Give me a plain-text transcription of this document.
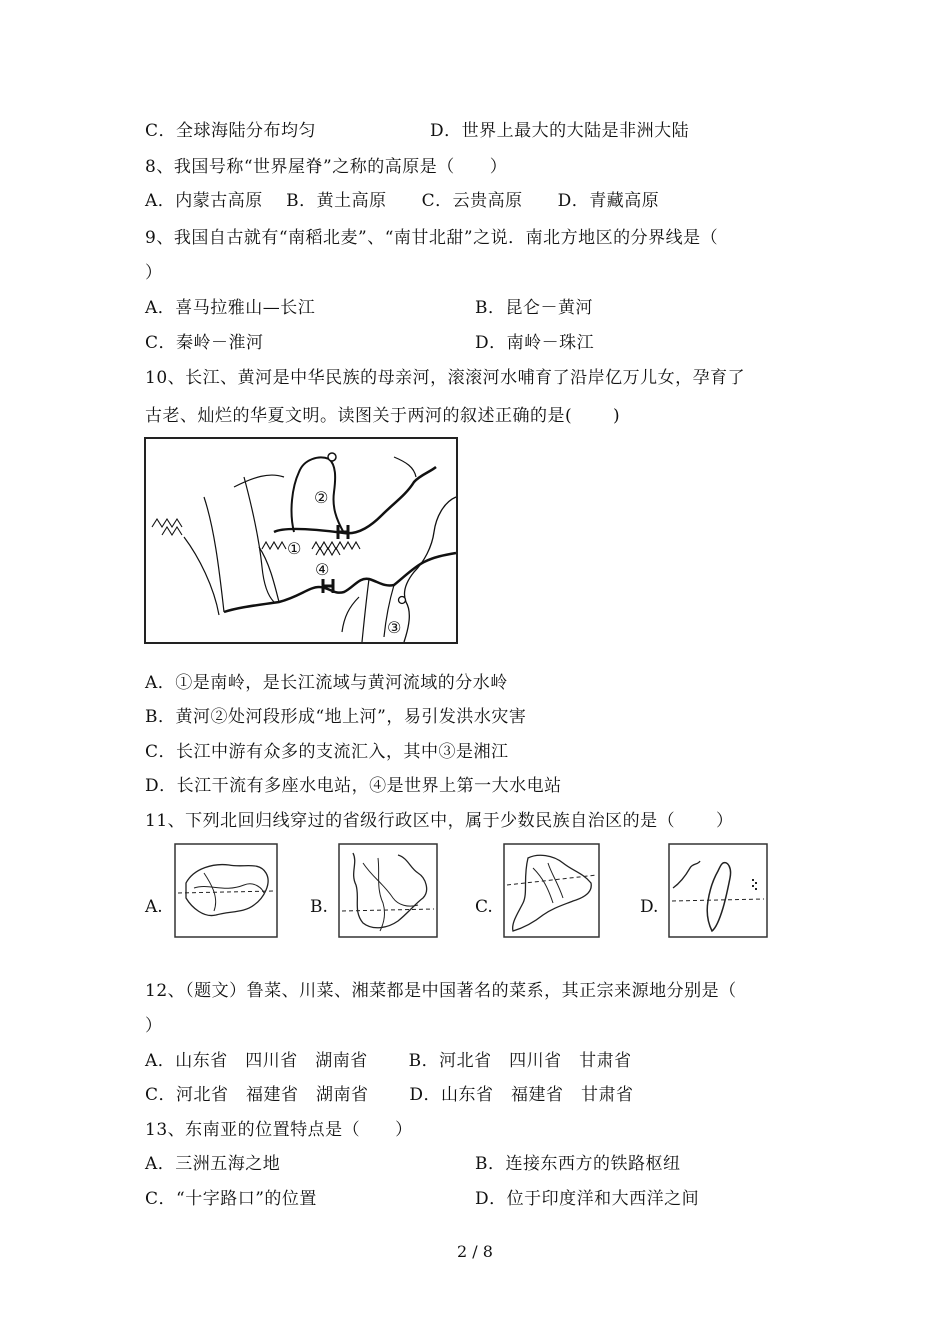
C．全球海陆分布均匀	D．世界上最大的大陆是非洲大陆
8、我国号称“世界屋脊”之称的高原是（　　）
A．内蒙古高原　 B．黄土高原　　C．云贵高原　　D．青藏高原
9、我国自古就有“南稻北麦”、“南甘北甜”之说．南北方地区的分界线是（
）
A．喜马拉雅山—长江	B．昆仑－黄河
C．秦岭－淮河	D．南岭－珠江
10、长江、黄河是中华民族的母亲河，滚滚河水哺育了沿岸亿万儿女，孕育了
古老、灿烂的华夏文明。读图关于两河的叙述正确的是(　　 )
②
①
④
③
A．①是南岭，是长江流域与黄河流域的分水岭
B．黄河②处河段形成“地上河”，易引发洪水灾害
C．长江中游有众多的支流汇入，其中③是湘江
D．长江干流有多座水电站，④是世界上第一大水电站
11、下列北回归线穿过的省级行政区中，属于少数民族自治区的是（　　 ）
A.	B.	C.	D.
12、（题文）鲁菜、川菜、湘菜都是中国著名的菜系，其正宗来源地分别是（
）
A．山东省　四川省　湖南省　　 B．河北省　四川省　甘肃省
C．河北省　福建省　湖南省　　 D．山东省　福建省　甘肃省
13、东南亚的位置特点是（　　）
A．三洲五海之地	B．连接东西方的铁路枢纽
C．“十字路口”的位置	D．位于印度洋和大西洋之间
2 / 8
